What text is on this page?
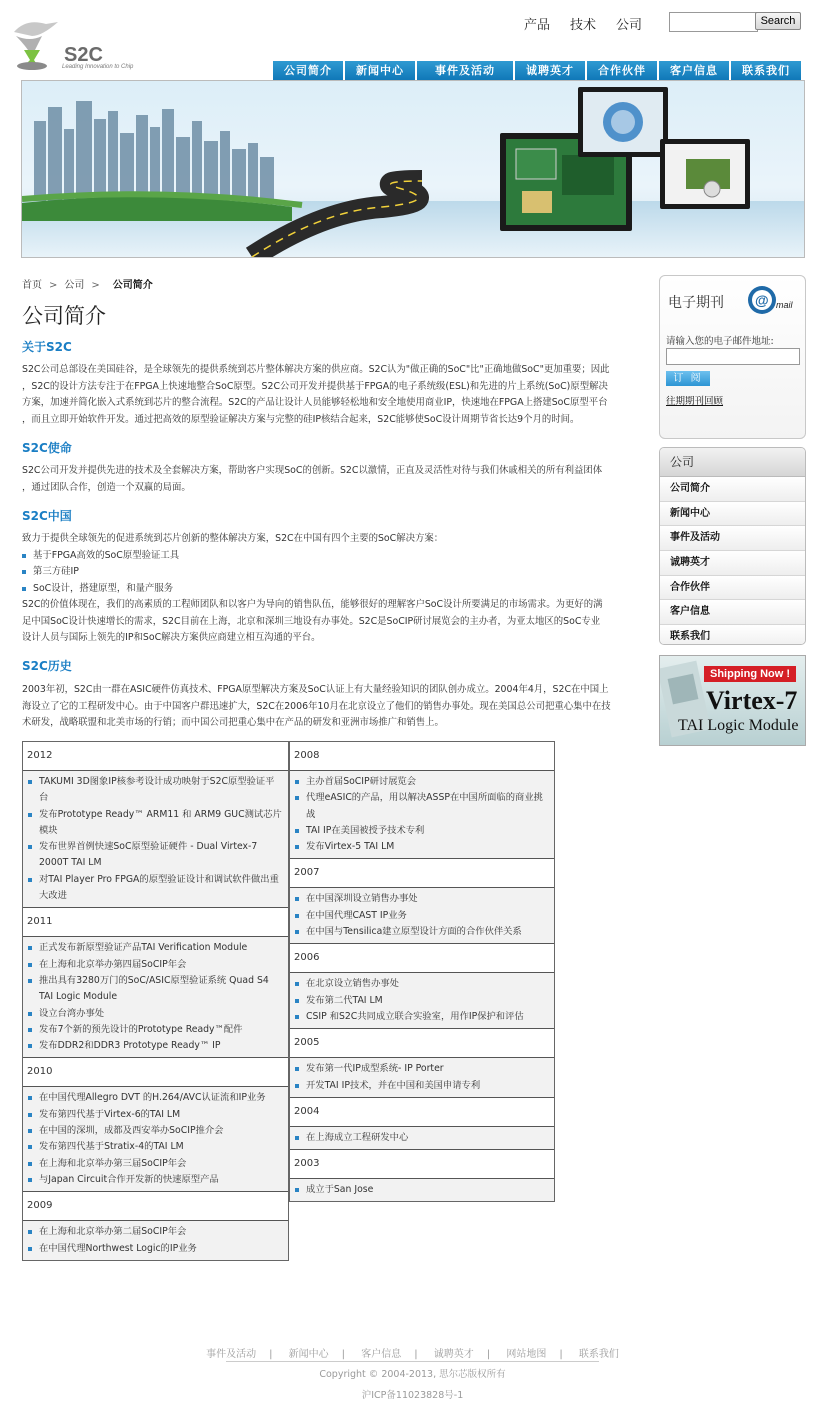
S2C
Leading Innovation to Chip
产品 技术 公司	Search
公司简介	新闻中心	事件及活动	诚聘英才	合作伙伴	客户信息	联系我们
首页 > 公司 > 公司简介
公司简介
关于S2C
S2C公司总部设在美国硅谷，是全球领先的提供系统到芯片整体解决方案的供应商。S2C认为"做正确的SoC"比"正确地做SoC"更加重要；因此
，S2C的设计方法专注于在FPGA上快速地整合SoC原型。S2C公司开发并提供基于FPGA的电子系统级(ESL)和先进的片上系统(SoC)原型解决
方案，加速并简化嵌入式系统到芯片的整合流程。S2C的产品让设计人员能够轻松地和安全地使用商业IP，快速地在FPGA上搭建SoC原型平台
，而且立即开始软件开发。通过把高效的原型验证解决方案与完整的硅IP核结合起来，S2C能够使SoC设计周期节省长达9个月的时间。
S2C使命
S2C公司开发并提供先进的技术及全套解决方案，帮助客户实现SoC的创新。S2C以激情，正直及灵活性对待与我们休戚相关的所有利益团体
，通过团队合作，创造一个双赢的局面。
S2C中国
致力于提供全球领先的促进系统到芯片创新的整体解决方案，S2C在中国有四个主要的SoC解决方案：
基于FPGA高效的SoC原型验证工具
第三方硅IP
SoC设计，搭建原型，和量产服务
S2C的价值体现在，我们的高素质的工程师团队和以客户为导向的销售队伍，能够很好的理解客户SoC设计所要满足的市场需求。为更好的满
足中国SoC设计快速增长的需求，S2C目前在上海，北京和深圳三地设有办事处。S2C是SoCIP研讨展览会的主办者，为亚太地区的SoC专业
设计人员与国际上领先的IP和SoC解决方案供应商建立相互沟通的平台。
S2C历史
2003年初，S2C由一群在ASIC硬件仿真技术、FPGA原型解决方案及SoC认证上有大量经验知识的团队创办成立。2004年4月，S2C在中国上
海设立了它的工程研发中心。由于中国客户群迅速扩大，S2C在2006年10月在北京设立了他们的销售办事处。现在美国总公司把重心集中在技
术研发，战略联盟和北美市场的行销；而中国公司把重心集中在产品的研发和亚洲市场推广和销售上。
2012
TAKUMI 3D图象IP核参考设计成功映射于S2C原型验证平台
发布Prototype Ready™ ARM11 和 ARM9 GUC测试芯片模块
发布世界首例快速SoC原型验证硬件 - Dual Virtex-7 2000T TAI LM
对TAI Player Pro FPGA的原型验证设计和调试软件做出重大改进
2011
正式发布新原型验证产品TAI Verification Module
在上海和北京举办第四届SoCIP年会
推出具有3280万门的SoC/ASIC原型验证系统 Quad S4 TAI Logic Module
设立台湾办事处
发布7个新的预先设计的Prototype Ready™配件
发布DDR2和DDR3 Prototype Ready™ IP
2010
在中国代理Allegro DVT 的H.264/AVC认证流和IP业务
发布第四代基于Virtex-6的TAI LM
在中国的深圳，成都及西安举办SoCIP推介会
发布第四代基于Stratix-4的TAI LM
在上海和北京举办第三届SoCIP年会
与Japan Circuit合作开发新的快速原型产品
2009
在上海和北京举办第二届SoCIP年会
在中国代理Northwest Logic的IP业务
2008
主办首届SoCIP研讨展览会
代理eASIC的产品，用以解决ASSP在中国所面临的商业挑战
TAI IP在美国被授予技术专利
发布Virtex-5 TAI LM
2007
在中国深圳设立销售办事处
在中国代理CAST IP业务
在中国与Tensilica建立原型设计方面的合作伙伴关系
2006
在北京设立销售办事处
发布第二代TAI LM
CSIP 和S2C共同成立联合实验室，用作IP保护和评估
2005
发布第一代IP成型系统- IP Porter
开发TAI IP技术，并在中国和美国申请专利
2004
在上海成立工程研发中心
2003
成立于San Jose
电子期刊 @ mail
请输入您的电子邮件地址:
订 阅
往期期刊回顾
公司
公司简介
新闻中心
事件及活动
诚聘英才
合作伙伴
客户信息
联系我们
Shipping Now !
Virtex-7
TAI Logic Module
事件及活动 | 新闻中心 | 客户信息 | 诚聘英才 | 网站地图 | 联系我们
Copyright © 2004-2013, 思尔芯版权所有
沪ICP备11023828号-1
